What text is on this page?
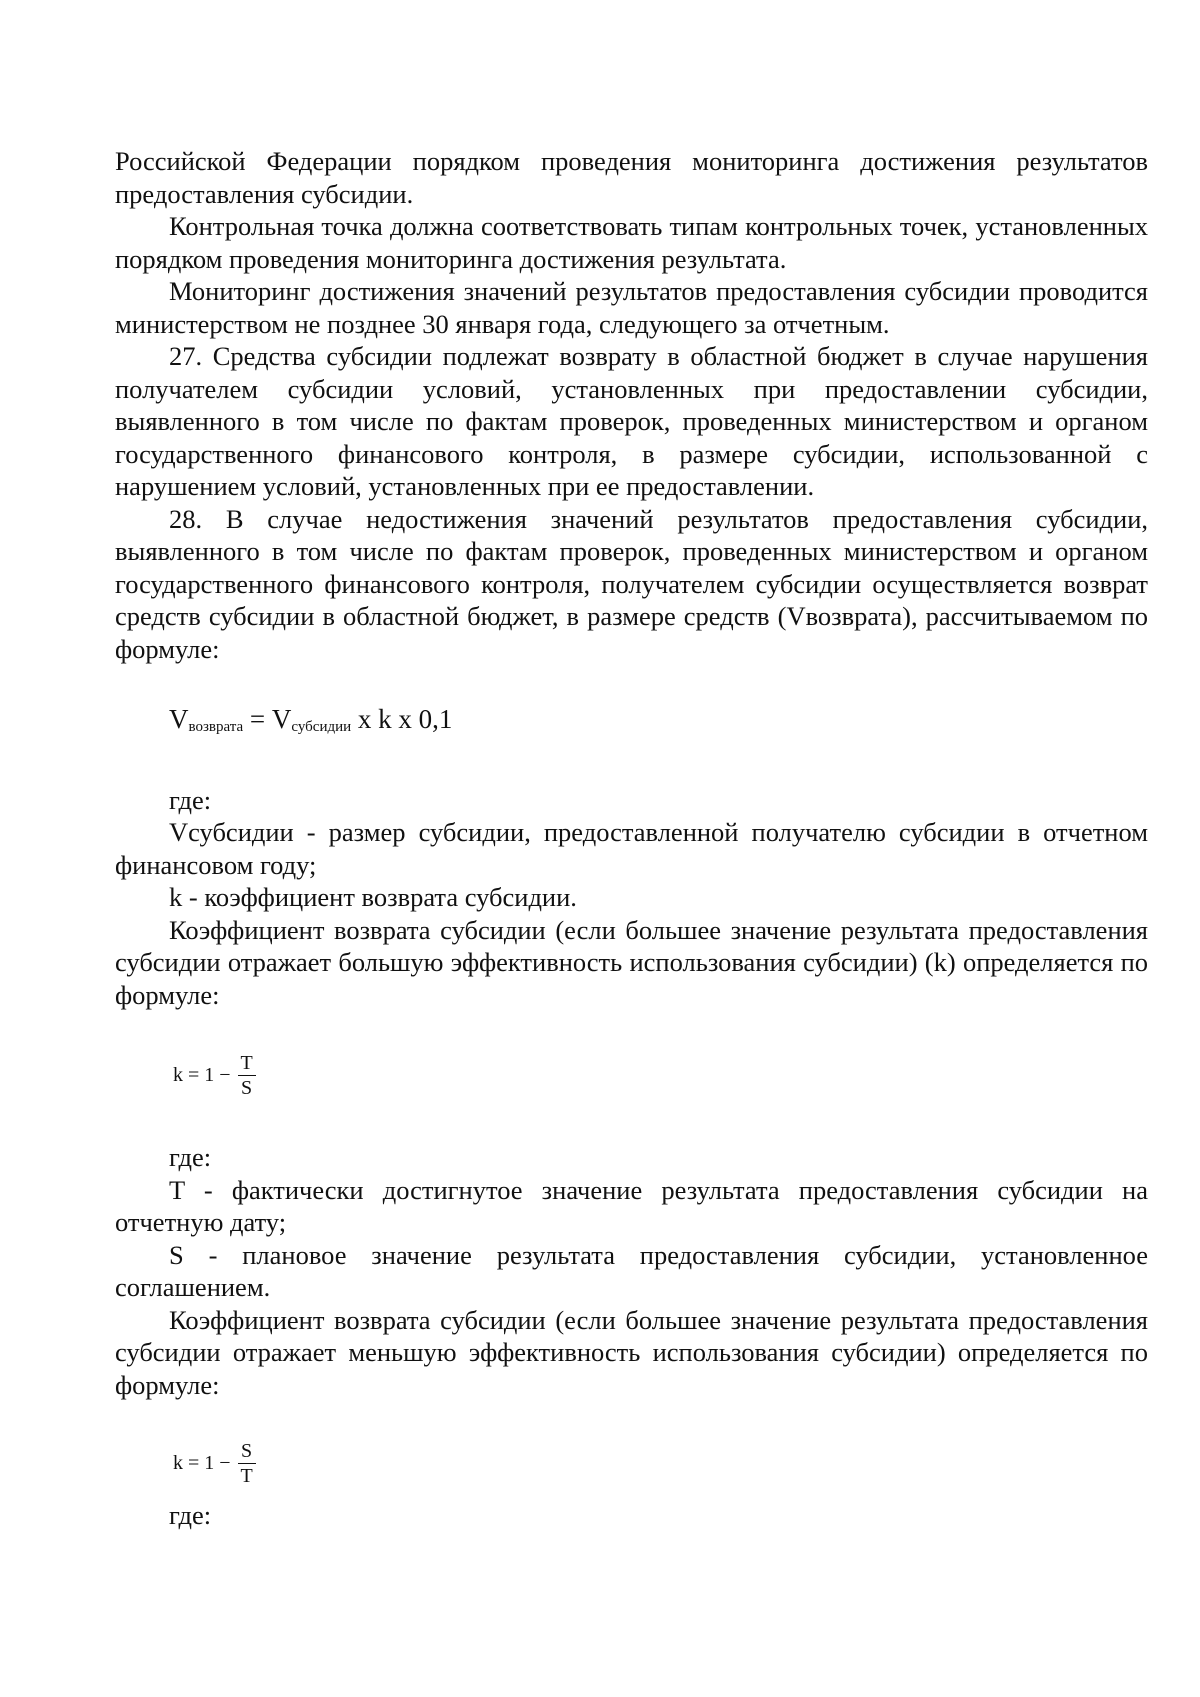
Российской Федерации порядком проведения мониторинга достижения результатов предоставления субсидии.

Контрольная точка должна соответствовать типам контрольных точек, установленных порядком проведения мониторинга достижения результата.

Мониторинг достижения значений результатов предоставления субсидии проводится министерством не позднее 30 января года, следующего за отчетным.

27. Средства субсидии подлежат возврату в областной бюджет в случае нарушения получателем субсидии условий, установленных при предоставлении субсидии, выявленного в том числе по фактам проверок, проведенных министерством и органом государственного финансового контроля, в размере субсидии, использованной с нарушением условий, установленных при ее предоставлении.

28. В случае недостижения значений результатов предоставления субсидии, выявленного в том числе по фактам проверок, проведенных министерством и органом государственного финансового контроля, получателем субсидии осуществляется возврат средств субсидии в областной бюджет, в размере средств (Vвозврата), рассчитываемом по формуле:

$V_{возврата} = V_{субсидии}$ x k x 0,1

где:

Vсубсидии - размер субсидии, предоставленной получателю субсидии в отчетном финансовом году;

k - коэффициент возврата субсидии.

Коэффициент возврата субсидии (если большее значение результата предоставления субсидии отражает большую эффективность использования субсидии) (k) определяется по формуле:

$k = 1 - \frac{T}{S}$

где:

T - фактически достигнутое значение результата предоставления субсидии на отчетную дату;

S - плановое значение результата предоставления субсидии, установленное соглашением.

Коэффициент возврата субсидии (если большее значение результата предоставления субсидии отражает меньшую эффективность использования субсидии) определяется по формуле:

$k = 1 - \frac{S}{T}$

где:
